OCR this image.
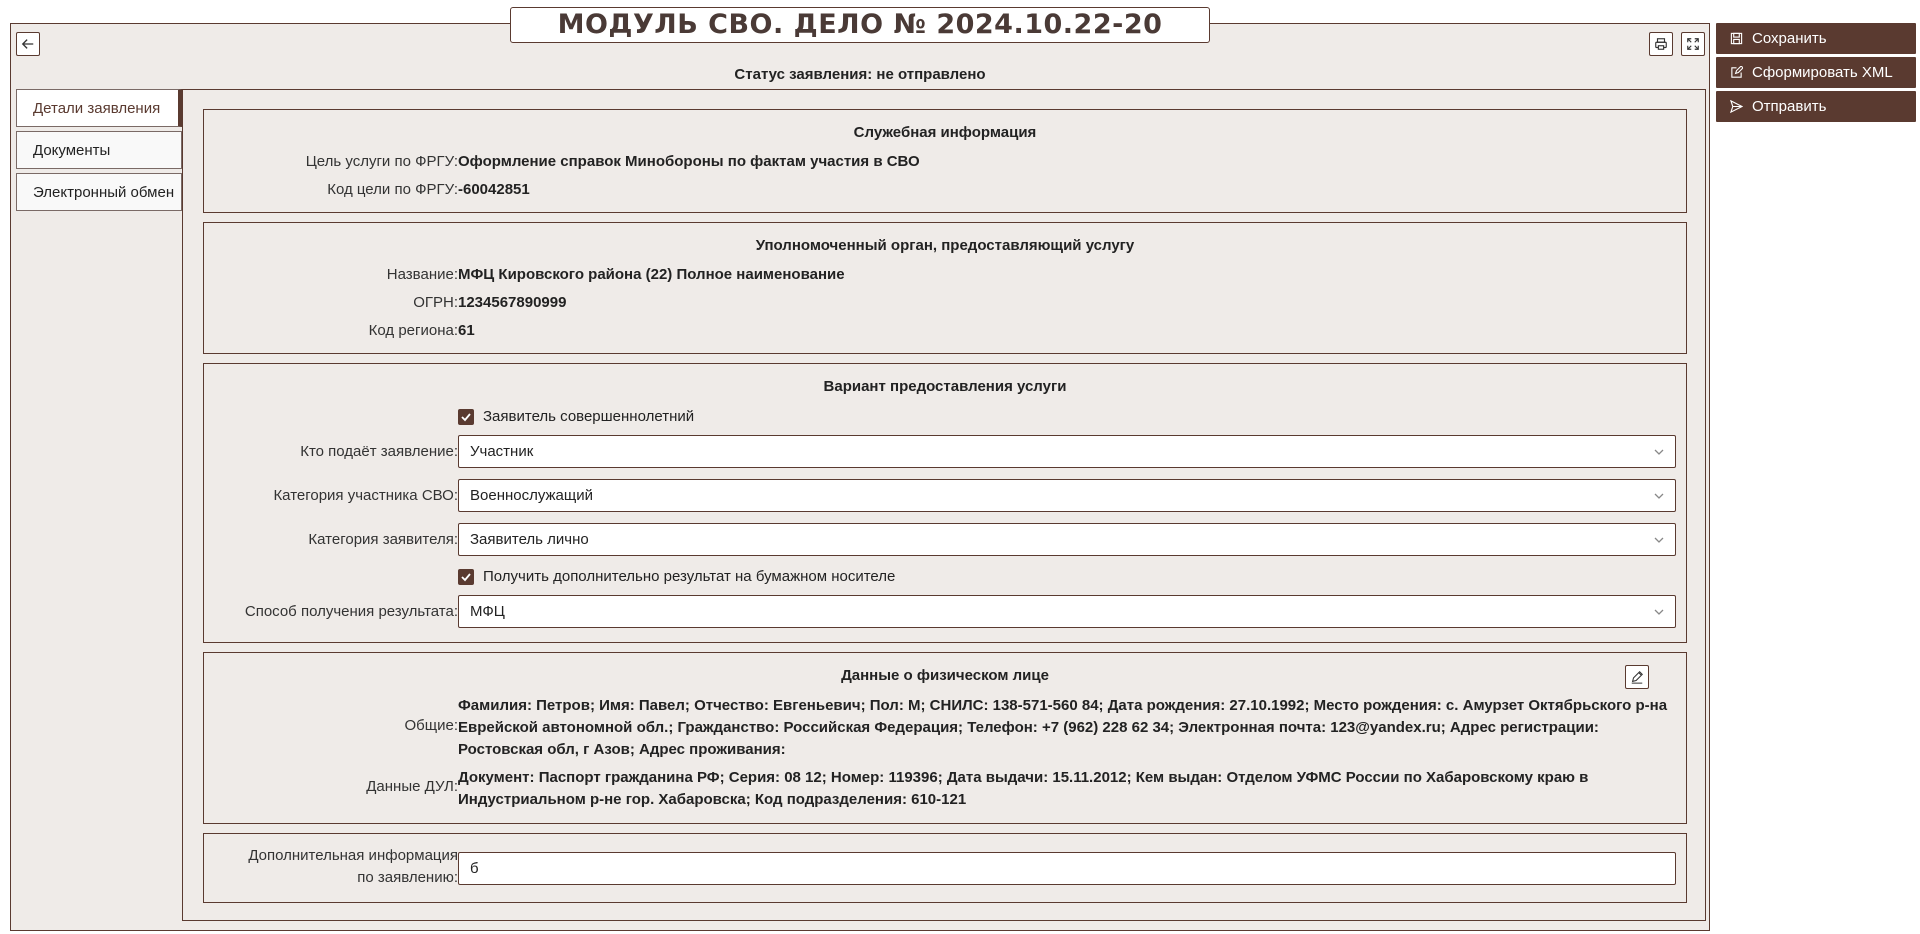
МОДУЛЬ СВО. ДЕЛО № 2024.10.22-20
Статус заявления: не отправлено
Детали заявления
Документы
Электронный обмен
Служебная информация
Цель услуги по ФРГУ: Оформление справок Минобороны по фактам участия в СВО
Код цели по ФРГУ: -60042851
Уполномоченный орган, предоставляющий услугу
Название: МФЦ Кировского района (22) Полное наименование
ОГРН: 1234567890999
Код региона: 61
Вариант предоставления услуги
Заявитель совершеннолетний
Кто подаёт заявление: Участник
Категория участника СВО: Военнослужащий
Категория заявителя: Заявитель лично
Получить дополнительно результат на бумажном носителе
Способ получения результата: МФЦ
Данные о физическом лице
Общие:
Фамилия: Петров; Имя: Павел; Отчество: Евгеньевич; Пол: М; СНИЛС: 138-571-560 84; Дата рождения: 27.10.1992; Место рождения: с. Амурзет Октябрьского р-на Еврейской автономной обл.; Гражданство: Российская Федерация; Телефон: +7 (962) 228 62 34; Электронная почта: 123@yandex.ru; Адрес регистрации: Ростовская обл, г Азов; Адрес проживания:
Данные ДУЛ:
Документ: Паспорт гражданина РФ; Серия: 08 12; Номер: 119396; Дата выдачи: 15.11.2012; Кем выдан: Отделом УФМС России по Хабаровскому краю в Индустриальном р-не гор. Хабаровска; Код подразделения: 610-121
Дополнительная информация по заявлению:
б
Сохранить
Сформировать XML
Отправить
